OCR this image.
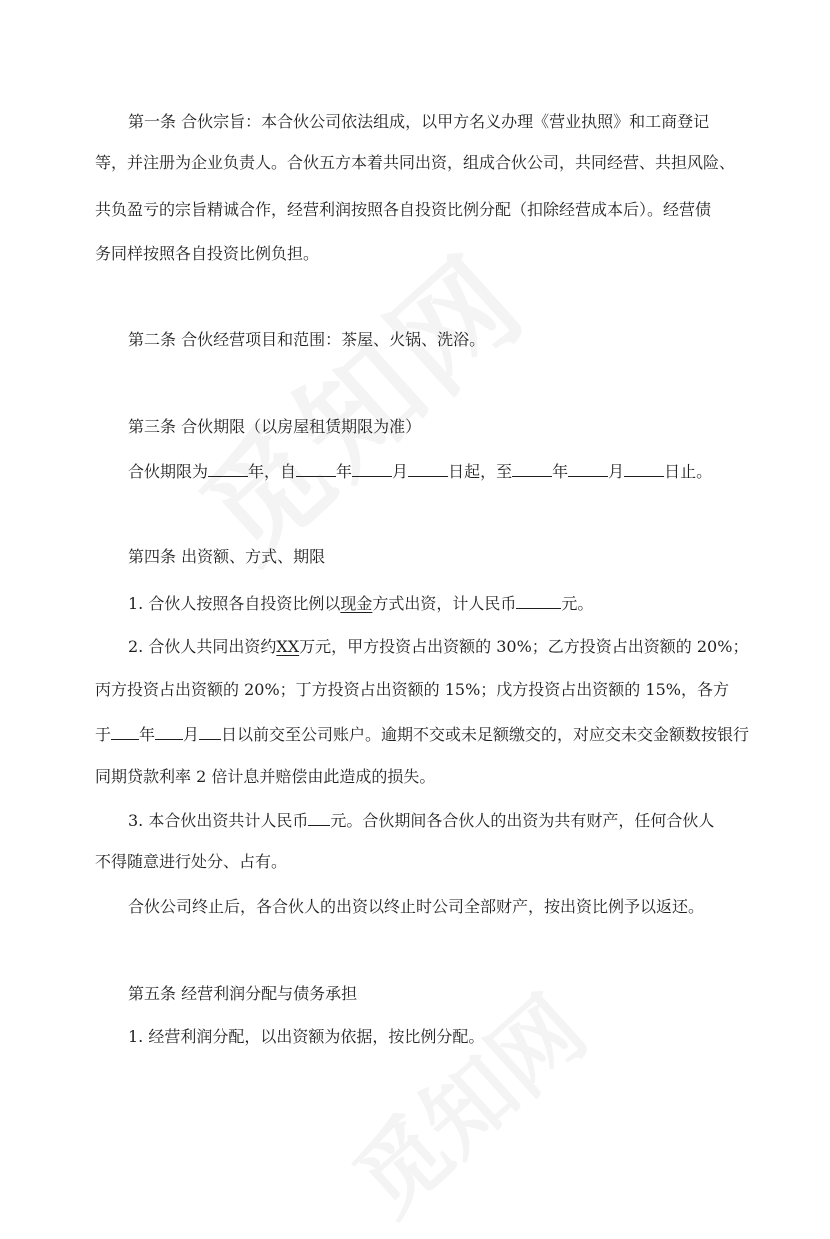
第一条 合伙宗旨：本合伙公司依法组成，以甲方名义办理《营业执照》和工商登记
等，并注册为企业负责人。合伙五方本着共同出资，组成合伙公司，共同经营、共担风险、
共负盈亏的宗旨精诚合作，经营利润按照各自投资比例分配（扣除经营成本后）。经营债
务同样按照各自投资比例负担。
第二条 合伙经营项目和范围：茶屋、火锅、洗浴。
第三条 合伙期限（以房屋租赁期限为准）
合伙期限为	年，自	年	月	日起，至	年	月	日止。
第四条 出资额、方式、期限
1. 合伙人按照各自投资比例以现金方式出资，计人民币	元。
2. 合伙人共同出资约XX万元，甲方投资占出资额的 30%；乙方投资占出资额的 20%；
丙方投资占出资额的 20%；丁方投资占出资额的 15%；戊方投资占出资额的 15%，各方
于 年 月 日以前交至公司账户。逾期不交或未足额缴交的，对应交未交金额数按银行
同期贷款利率 2 倍计息并赔偿由此造成的损失。
3. 本合伙出资共计人民币 元。合伙期间各合伙人的出资为共有财产，任何合伙人
不得随意进行处分、占有。
合伙公司终止后，各合伙人的出资以终止时公司全部财产，按出资比例予以返还。
第五条 经营利润分配与债务承担
1. 经营利润分配，以出资额为依据，按比例分配。
